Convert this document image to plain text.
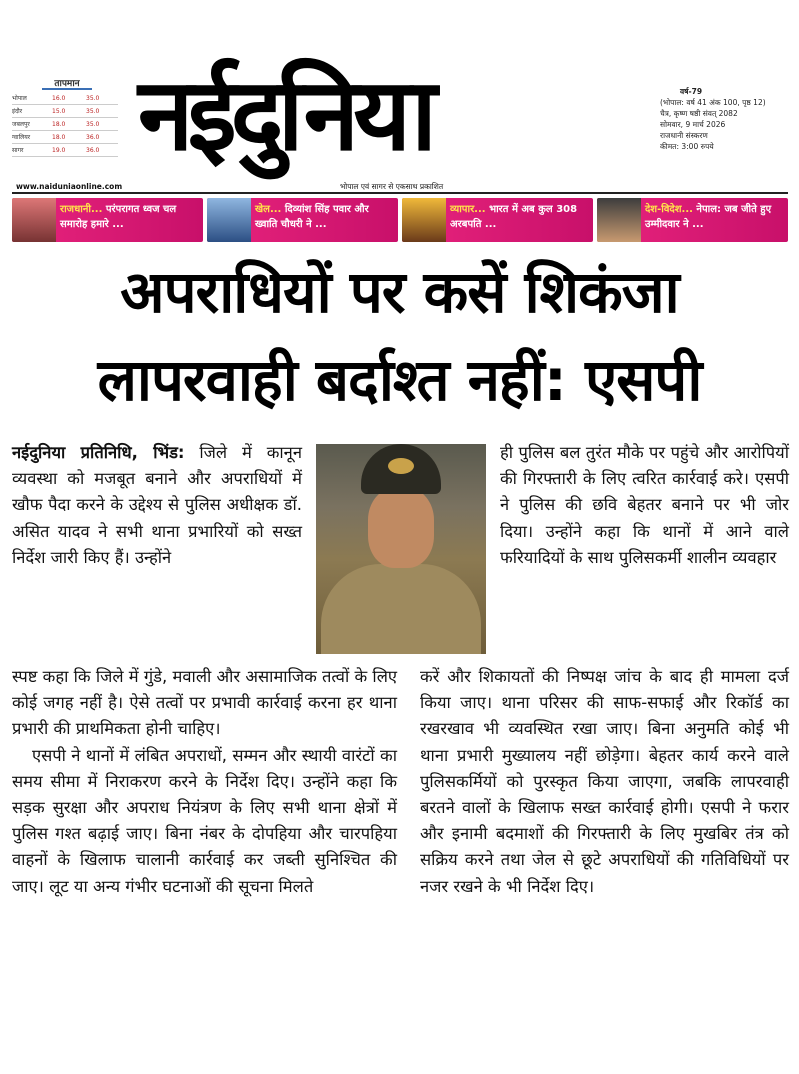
तापमान
भोपाल	16.0	35.0
इंदौर	15.0	35.0
जबलपुर	18.0	35.0
ग्वालियर	18.0	36.0
सागर	19.0	36.0 नईदुनिया	वर्ष-79
(भोपाल: वर्ष 41 अंक 100, पृष्ठ 12)
चैत्र, कृष्ण षष्ठी संवत् 2082
सोमवार, 9 मार्च 2026
राजधानी संस्करण
कीमत: 3:00 रुपये
www.naiduniaonline.com	भोपाल एवं सागर से एकसाथ प्रकाशित
राजधानी... परंपरागत ध्वज चल समारोह हमारे ...
खेल... दिव्यांश सिंह पवार और ख्वाति चौधरी ने ...
व्यापार... भारत में अब कुल 308 अरबपति ...
देश-विदेश... नेपाल: जब जीते हुए उम्मीदवार ने ...
अपराधियों पर कसें शिकंजा
लापरवाही बर्दाश्त नहीं: एसपी

नईदुनिया प्रतिनिधि, भिंड: जिले में कानून व्यवस्था को मजबूत बनाने और अपराधियों में खौफ पैदा करने के उद्देश्य से पुलिस अधीक्षक डॉ. असित यादव ने सभी थाना प्रभारियों को सख्त निर्देश जारी किए हैं। उन्होंने

ही पुलिस बल तुरंत मौके पर पहुंचे और आरोपियों की गिरफ्तारी के लिए त्वरित कार्रवाई करे। एसपी ने पुलिस की छवि बेहतर बनाने पर भी जोर दिया। उन्होंने कहा कि थानों में आने वाले फरियादियों के साथ पुलिसकर्मी शालीन व्यवहार

स्पष्ट कहा कि जिले में गुंडे, मवाली और असामाजिक तत्वों के लिए कोई जगह नहीं है। ऐसे तत्वों पर प्रभावी कार्रवाई करना हर थाना प्रभारी की प्राथमिकता होनी चाहिए।

एसपी ने थानों में लंबित अपराधों, सम्मन और स्थायी वारंटों का समय सीमा में निराकरण करने के निर्देश दिए। उन्होंने कहा कि सड़क सुरक्षा और अपराध नियंत्रण के लिए सभी थाना क्षेत्रों में पुलिस गश्त बढ़ाई जाए। बिना नंबर के दोपहिया और चारपहिया वाहनों के खिलाफ चालानी कार्रवाई कर जब्ती सुनिश्चित की जाए। लूट या अन्य गंभीर घटनाओं की सूचना मिलते

करें और शिकायतों की निष्पक्ष जांच के बाद ही मामला दर्ज किया जाए। थाना परिसर की साफ-सफाई और रिकॉर्ड का रखरखाव भी व्यवस्थित रखा जाए। बिना अनुमति कोई भी थाना प्रभारी मुख्यालय नहीं छोड़ेगा। बेहतर कार्य करने वाले पुलिसकर्मियों को पुरस्कृत किया जाएगा, जबकि लापरवाही बरतने वालों के खिलाफ सख्त कार्रवाई होगी। एसपी ने फरार और इनामी बदमाशों की गिरफ्तारी के लिए मुखबिर तंत्र को सक्रिय करने तथा जेल से छूटे अपराधियों की गतिविधियों पर नजर रखने के भी निर्देश दिए।
